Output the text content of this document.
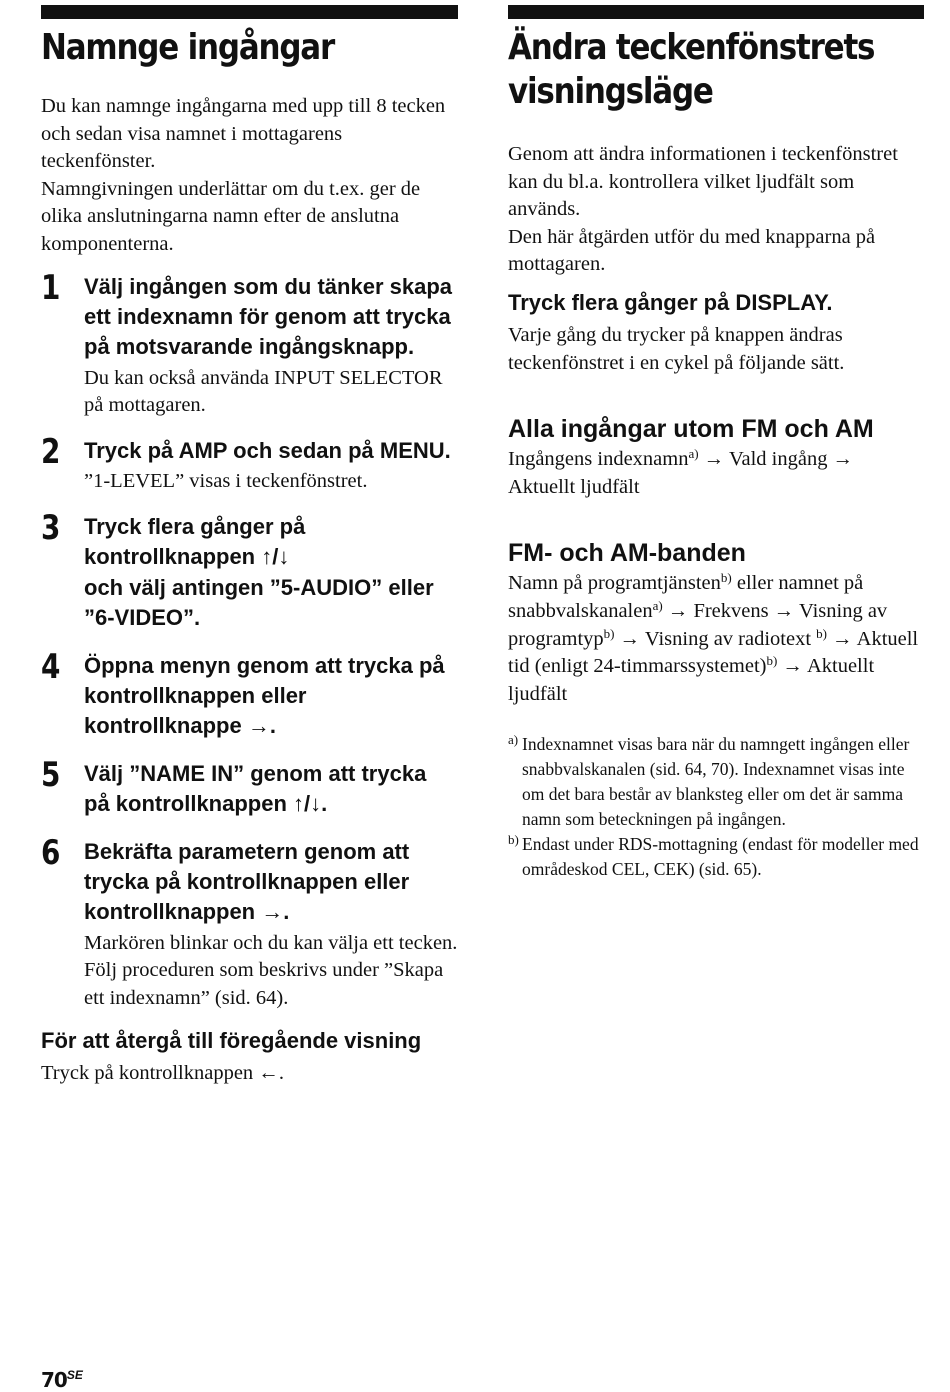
Namnge ingångar

Du kan namnge ingångarna med upp till 8 tecken och sedan visa namnet i mottagarens teckenfönster.

Namngivningen underlättar om du t.ex. ger de olika anslutningarna namn efter de anslutna komponenterna.

1 Välj ingången som du tänker skapa ett indexnamn för genom att trycka på motsvarande ingångsknapp.

Du kan också använda INPUT SELECTOR på mottagaren.

2 Tryck på AMP och sedan på MENU.

”1-LEVEL” visas i teckenfönstret.

3 Tryck flera gånger på kontrollknappen ↑/↓
och välj antingen ”5-AUDIO” eller ”6-VIDEO”.

4 Öppna menyn genom att trycka på kontrollknappen eller kontrollknappe →.

5 Välj ”NAME IN” genom att trycka på kontrollknappen ↑/↓.

6 Bekräfta parametern genom att trycka på kontrollknappen eller kontrollknappen →.

Markören blinkar och du kan välja ett tecken. Följ proceduren som beskrivs under ”Skapa ett indexnamn” (sid. 64).

För att återgå till föregående visning

Tryck på kontrollknappen ←.

Ändra teckenfönstrets
visningsläge

Genom att ändra informationen i teckenfönstret kan du bl.a. kontrollera vilket ljudfält som används.

Den här åtgärden utför du med knapparna på mottagaren.

Tryck flera gånger på DISPLAY.

Varje gång du trycker på knappen ändras teckenfönstret i en cykel på följande sätt.

Alla ingångar utom FM och AM

Ingångens indexnamn$^{a)}$ → Vald ingång → Aktuellt ljudfält

FM- och AM-banden

Namn på programtjänsten$^{b)}$ eller namnet på snabbvalskanalen$^{a)}$ → Frekvens → Visning av programtyp$^{b)}$ → Visning av radiotext $^{b)}$ → Aktuell tid (enligt 24-timmarssystemet)$^{b)}$ → Aktuellt ljudfält

a) Indexnamnet visas bara när du namngett ingången eller snabbvalskanalen (sid. 64, 70). Indexnamnet visas inte om det bara består av blanksteg eller om det är samma namn som beteckningen på ingången.
b) Endast under RDS-mottagning (endast för modeller med områdeskod CEL, CEK) (sid. 65).
$70^{SE}$
